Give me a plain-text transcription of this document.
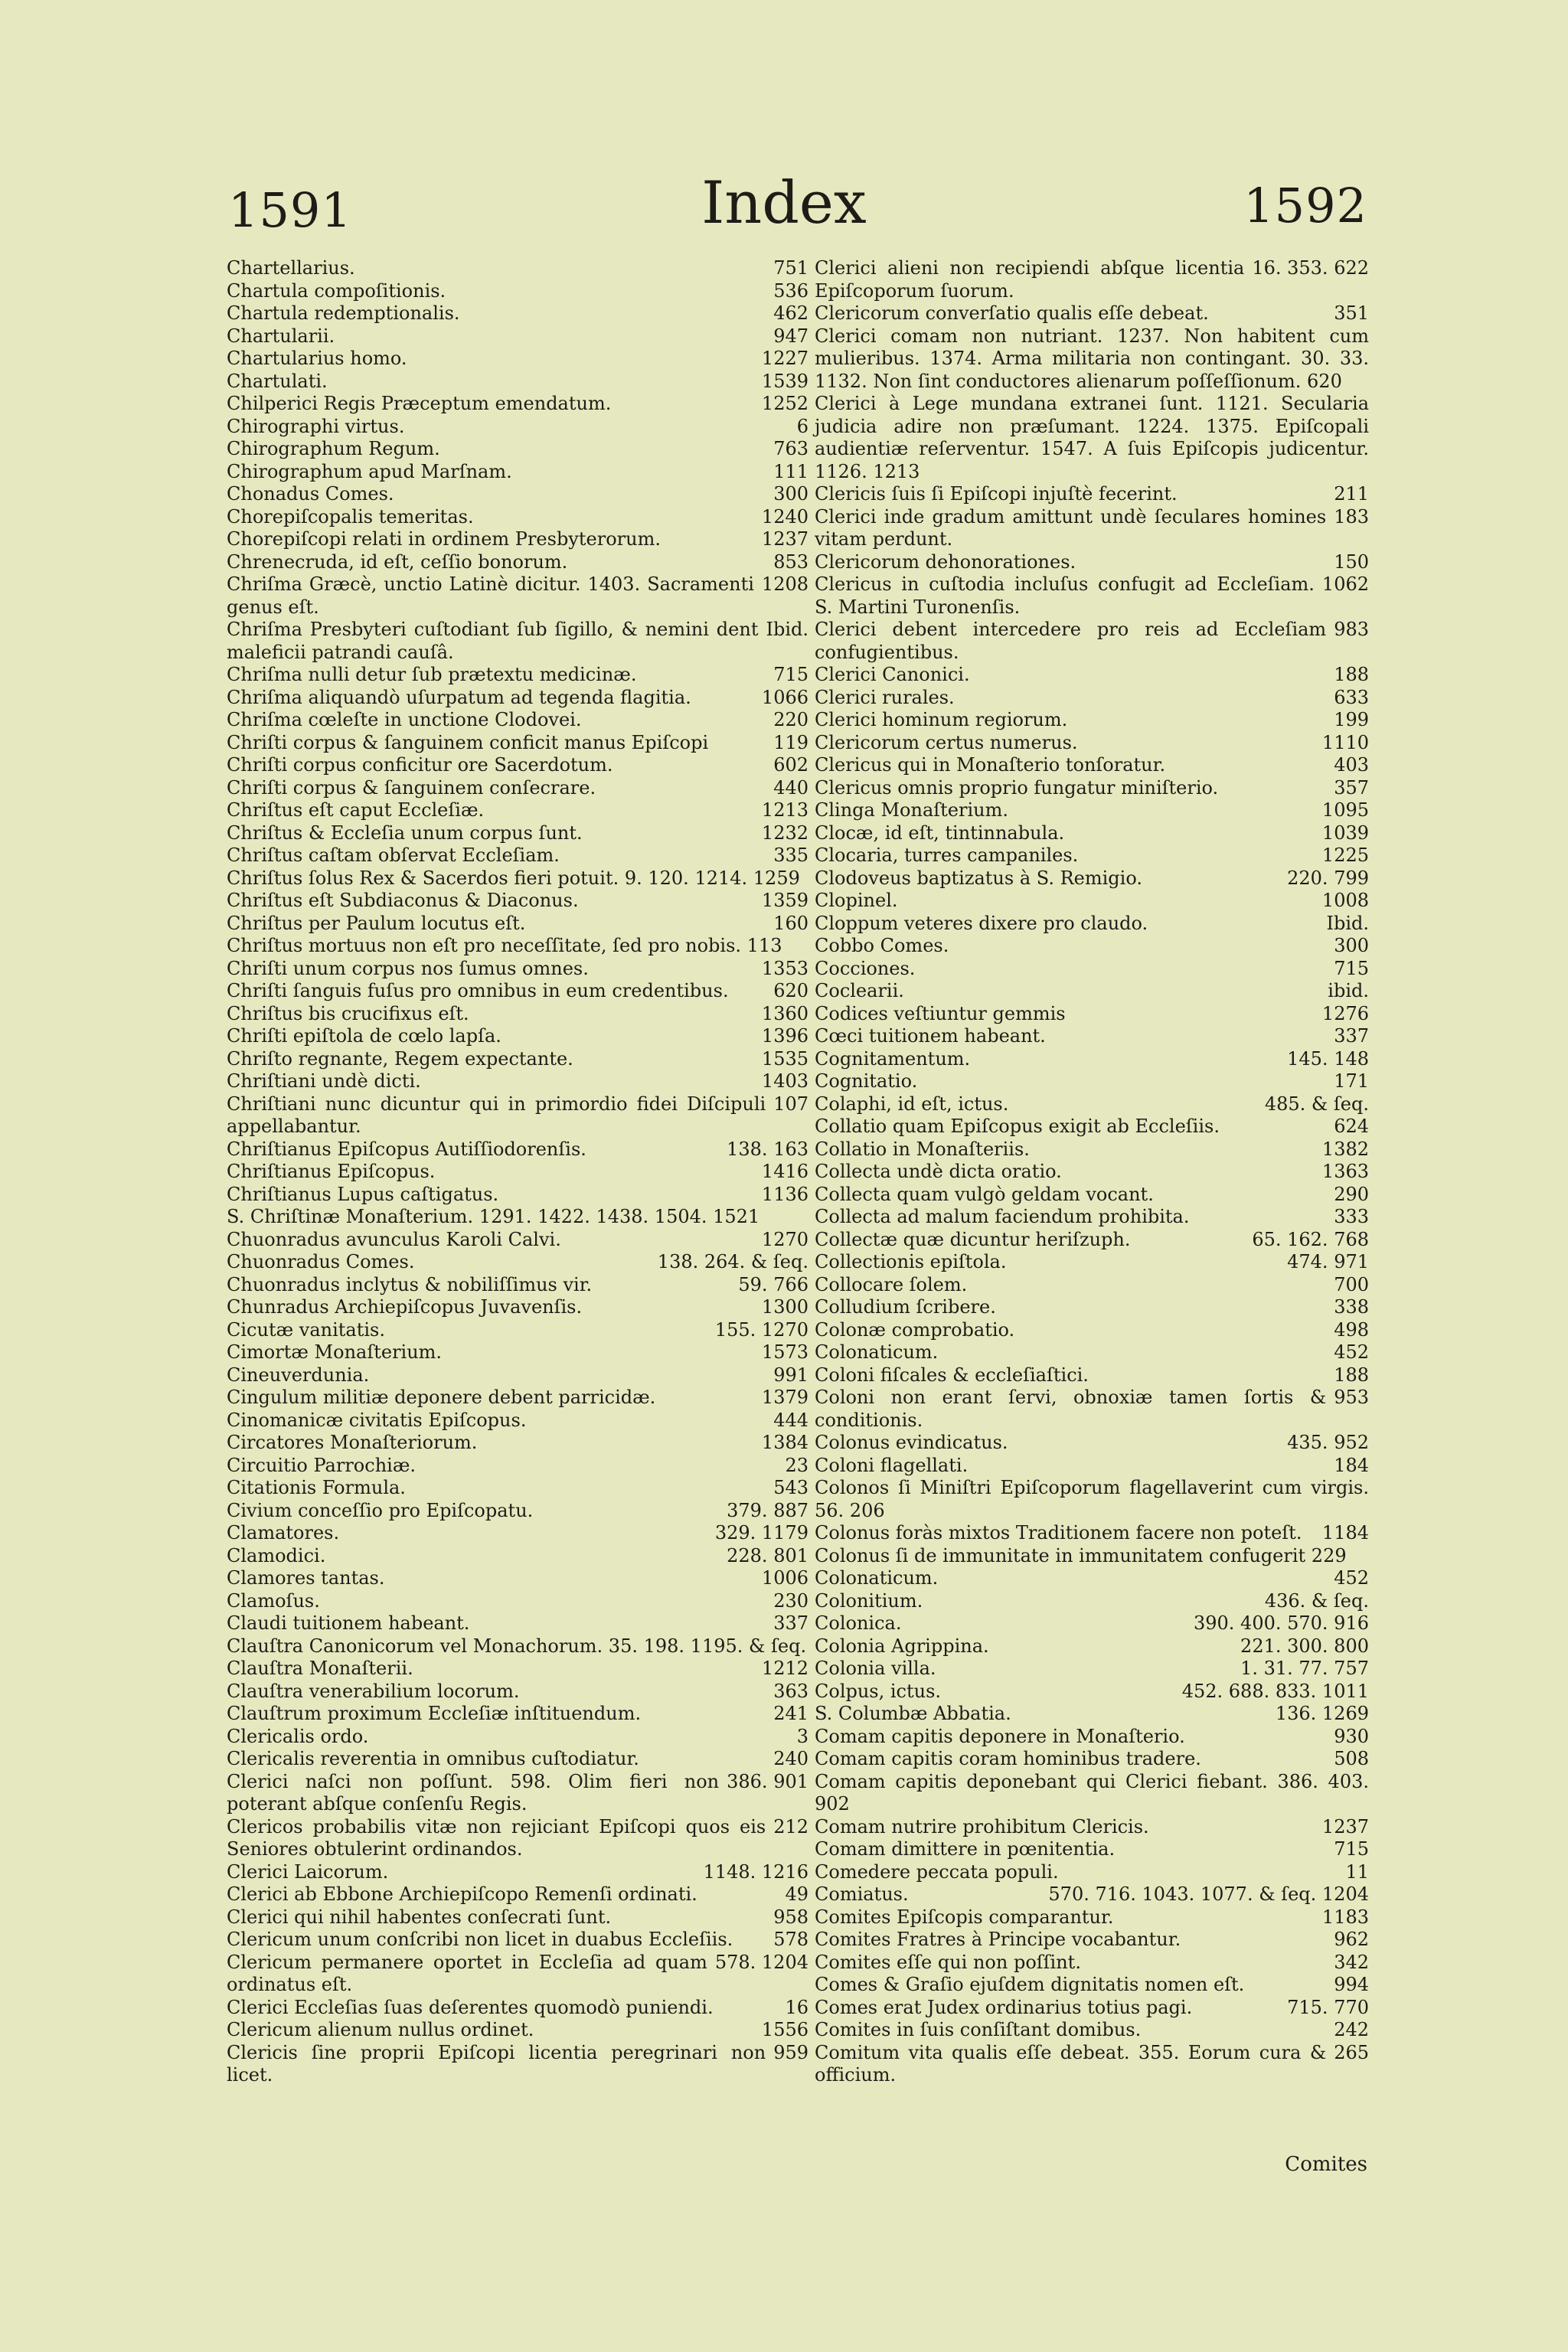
1591	Index	1592
751
Chartellarius.
536
Chartula compoſitionis.
462
Chartula redemptionalis.
947
Chartularii.
1227
Chartularius homo.
1539
Chartulati.
1252
Chilperici Regis Præceptum emendatum.
6
Chirographi virtus.
763
Chirographum Regum.
111
Chirographum apud Marſnam.
300
Chonadus Comes.
1240
Chorepiſcopalis temeritas.
1237
Chorepiſcopi relati in ordinem Presbyterorum.
853
Chrenecruda, id eſt, ceſſio bonorum.
1208
Chriſma Græcè, unctio Latinè dicitur. 1403. Sacramenti genus eſt.
Ibid.
Chriſma Presbyteri cuſtodiant ſub ſigillo, & nemini dent maleficii patrandi cauſâ.
715
Chriſma nulli detur ſub prætextu medicinæ.
1066
Chriſma aliquandò uſurpatum ad tegenda flagitia.
220
Chriſma cœleſte in unctione Clodovei.
119
Chriſti corpus & ſanguinem conficit manus Epiſcopi
602
Chriſti corpus conficitur ore Sacerdotum.
440
Chriſti corpus & ſanguinem conſecrare.
1213
Chriſtus eſt caput Eccleſiæ.
1232
Chriſtus & Eccleſia unum corpus ſunt.
335
Chriſtus caſtam obſervat Eccleſiam.
Chriſtus ſolus Rex & Sacerdos fieri potuit. 9. 120. 1214. 1259
1359
Chriſtus eſt Subdiaconus & Diaconus.
160
Chriſtus per Paulum locutus eſt.
Chriſtus mortuus non eſt pro neceſſitate, ſed pro nobis. 113
1353
Chriſti unum corpus nos ſumus omnes.
620
Chriſti ſanguis fuſus pro omnibus in eum credentibus.
1360
Chriſtus bis crucifixus eſt.
1396
Chriſti epiſtola de cœlo lapſa.
1535
Chriſto regnante, Regem expectante.
1403
Chriſtiani undè dicti.
107
Chriſtiani nunc dicuntur qui in primordio fidei Diſcipuli appellabantur.
138. 163
Chriſtianus Epiſcopus Autiſſiodorenſis.
1416
Chriſtianus Epiſcopus.
1136
Chriſtianus Lupus caſtigatus.
S. Chriſtinæ Monaſterium. 1291. 1422. 1438. 1504. 1521
1270
Chuonradus avunculus Karoli Calvi.
138. 264. & ſeq.
Chuonradus Comes.
59. 766
Chuonradus inclytus & nobiliſſimus vir.
1300
Chunradus Archiepiſcopus Juvavenſis.
155. 1270
Cicutæ vanitatis.
1573
Cimortæ Monaſterium.
991
Cineuverdunia.
1379
Cingulum militiæ deponere debent parricidæ.
444
Cinomanicæ civitatis Epiſcopus.
1384
Circatores Monaſteriorum.
23
Circuitio Parrochiæ.
543
Citationis Formula.
379. 887
Civium conceſſio pro Epiſcopatu.
329. 1179
Clamatores.
228. 801
Clamodici.
1006
Clamores tantas.
230
Clamoſus.
337
Claudi tuitionem habeant.
Clauſtra Canonicorum vel Monachorum. 35. 198. 1195. & ſeq.
1212
Clauſtra Monaſterii.
363
Clauſtra venerabilium locorum.
241
Clauſtrum proximum Eccleſiæ inſtituendum.
3
Clericalis ordo.
240
Clericalis reverentia in omnibus cuſtodiatur.
386. 901
Clerici naſci non poſſunt. 598. Olim fieri non poterant abſque conſenſu Regis.
212
Clericos probabilis vitæ non rejiciant Epiſcopi quos eis Seniores obtulerint ordinandos.
1148. 1216
Clerici Laicorum.
49
Clerici ab Ebbone Archiepiſcopo Remenſi ordinati.
958
Clerici qui nihil habentes conſecrati ſunt.
578
Clericum unum conſcribi non licet in duabus Eccleſiis.
578. 1204
Clericum permanere oportet in Eccleſia ad quam ordinatus eſt.
16
Clerici Eccleſias ſuas deſerentes quomodò puniendi.
1556
Clericum alienum nullus ordinet.
959
Clericis ſine proprii Epiſcopi licentia peregrinari non licet.
16. 353. 622
Clerici alieni non recipiendi abſque licentia Epiſcoporum ſuorum.
351
Clericorum converſatio qualis eſſe debeat.
Clerici comam non nutriant. 1237. Non habitent cum mulieribus. 1374. Arma militaria non contingant. 30. 33. 1132. Non ſint conductores alienarum poſſeſſionum. 620
Clerici à Lege mundana extranei ſunt. 1121. Secularia judicia adire non præſumant. 1224. 1375. Epiſcopali audientiæ reſerventur. 1547. A ſuis Epiſcopis judicentur. 1126. 1213
211
Clericis ſuis ſi Epiſcopi injuſtè fecerint.
183
Clerici inde gradum amittunt undè ſeculares homines vitam perdunt.
150
Clericorum dehonorationes.
1062
Clericus in cuſtodia incluſus confugit ad Eccleſiam. S. Martini Turonenſis.
983
Clerici debent intercedere pro reis ad Eccleſiam confugientibus.
188
Clerici Canonici.
633
Clerici rurales.
199
Clerici hominum regiorum.
1110
Clericorum certus numerus.
403
Clericus qui in Monaſterio tonſoratur.
357
Clericus omnis proprio fungatur miniſterio.
1095
Clinga Monaſterium.
1039
Clocæ, id eſt, tintinnabula.
1225
Clocaria, turres campaniles.
220. 799
Clodoveus baptizatus à S. Remigio.
1008
Clopinel.
Ibid.
Cloppum veteres dixere pro claudo.
300
Cobbo Comes.
715
Cocciones.
ibid.
Coclearii.
1276
Codices veſtiuntur gemmis
337
Cœci tuitionem habeant.
145. 148
Cognitamentum.
171
Cognitatio.
485. & ſeq.
Colaphi, id eſt, ictus.
624
Collatio quam Epiſcopus exigit ab Eccleſiis.
1382
Collatio in Monaſteriis.
1363
Collecta undè dicta oratio.
290
Collecta quam vulgò geldam vocant.
333
Collecta ad malum faciendum prohibita.
65. 162. 768
Collectæ quæ dicuntur heriſzuph.
474. 971
Collectionis epiſtola.
700
Collocare ſolem.
338
Colludium ſcribere.
498
Colonæ comprobatio.
452
Colonaticum.
188
Coloni fiſcales & eccleſiaſtici.
953
Coloni non erant ſervi, obnoxiæ tamen ſortis & conditionis.
435. 952
Colonus evindicatus.
184
Coloni flagellati.
Colonos ſi Miniſtri Epiſcoporum flagellaverint cum virgis. 56. 206
1184
Colonus foràs mixtos Traditionem facere non poteſt.
Colonus ſi de immunitate in immunitatem confugerit 229
452
Colonaticum.
436. & ſeq.
Colonitium.
390. 400. 570. 916
Colonica.
221. 300. 800
Colonia Agrippina.
1. 31. 77. 757
Colonia villa.
452. 688. 833. 1011
Colpus, ictus.
136. 1269
S. Columbæ Abbatia.
930
Comam capitis deponere in Monaſterio.
508
Comam capitis coram hominibus tradere.
Comam capitis deponebant qui Clerici fiebant. 386. 403. 902
1237
Comam nutrire prohibitum Clericis.
715
Comam dimittere in pœnitentia.
11
Comedere peccata populi.
570. 716. 1043. 1077. & ſeq. 1204
Comiatus.
1183
Comites Epiſcopis comparantur.
962
Comites Fratres à Principe vocabantur.
342
Comites eſſe qui non poſſint.
994
Comes & Graſio ejuſdem dignitatis nomen eſt.
715. 770
Comes erat Judex ordinarius totius pagi.
242
Comites in ſuis conſiſtant domibus.
265
Comitum vita qualis eſſe debeat. 355. Eorum cura & officium.
Comites
